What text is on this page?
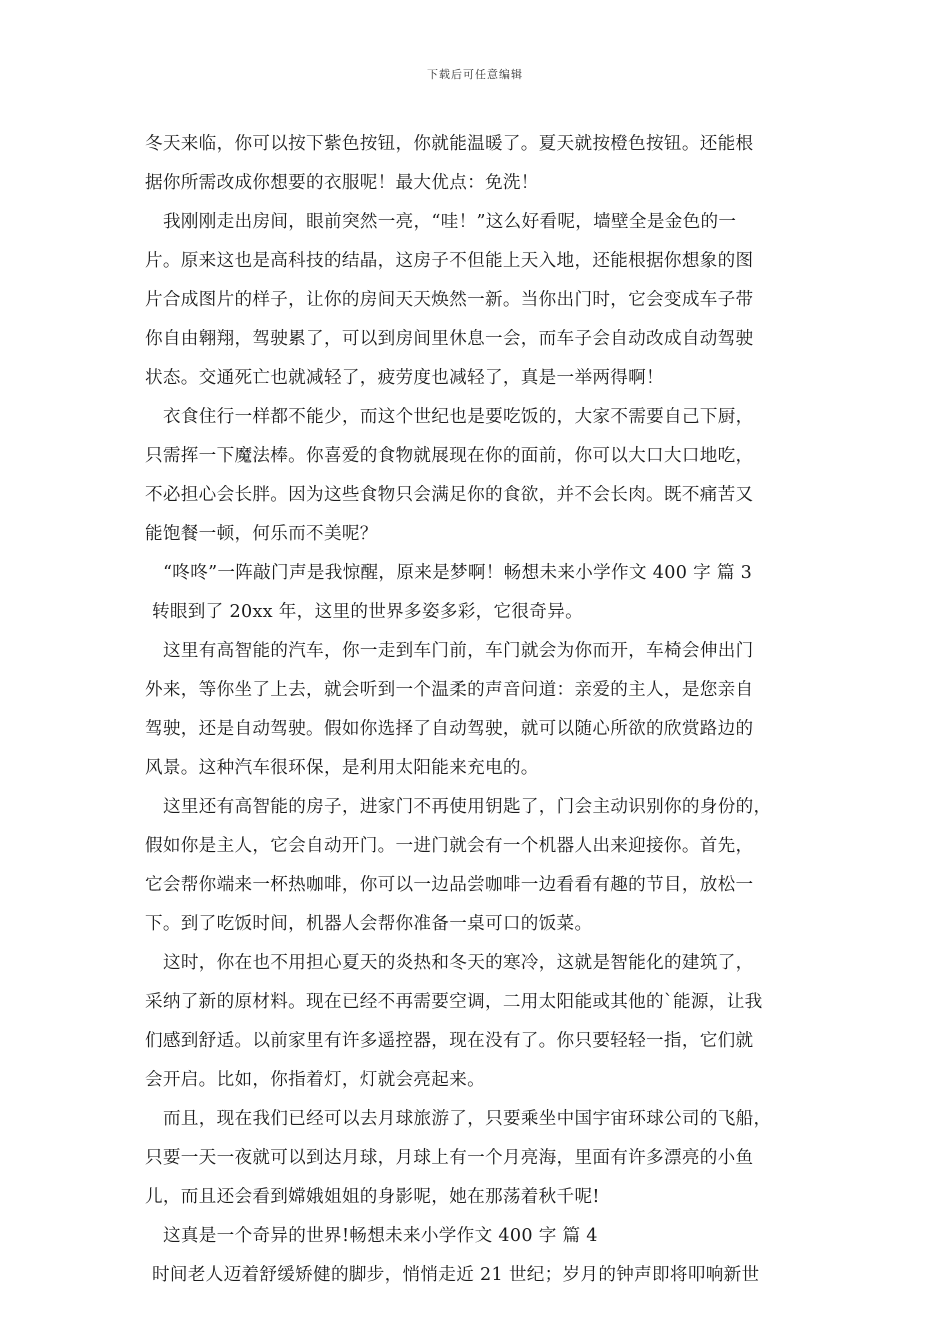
下载后可任意编辑
冬天来临，你可以按下紫色按钮，你就能温暖了。夏天就按橙色按钮。还能根
据你所需改成你想要的衣服呢！最大优点：免洗！
我刚刚走出房间，眼前突然一亮，“哇！”这么好看呢，墙壁全是金色的一
片。原来这也是高科技的结晶，这房子不但能上天入地，还能根据你想象的图
片合成图片的样子，让你的房间天天焕然一新。当你出门时，它会变成车子带
你自由翱翔，驾驶累了，可以到房间里休息一会，而车子会自动改成自动驾驶
状态。交通死亡也就减轻了，疲劳度也减轻了，真是一举两得啊！
衣食住行一样都不能少，而这个世纪也是要吃饭的，大家不需要自己下厨，
只需挥一下魔法棒。你喜爱的食物就展现在你的面前，你可以大口大口地吃，
不必担心会长胖。因为这些食物只会满足你的食欲，并不会长肉。既不痛苦又
能饱餐一顿，何乐而不美呢？
“咚咚”一阵敲门声是我惊醒，原来是梦啊！畅想未来小学作文 400 字 篇 3
转眼到了 20xx 年，这里的世界多姿多彩，它很奇异。
这里有高智能的汽车，你一走到车门前，车门就会为你而开，车椅会伸出门
外来，等你坐了上去，就会听到一个温柔的声音问道：亲爱的主人，是您亲自
驾驶，还是自动驾驶。假如你选择了自动驾驶，就可以随心所欲的欣赏路边的
风景。这种汽车很环保，是利用太阳能来充电的。
这里还有高智能的房子，进家门不再使用钥匙了，门会主动识别你的身份的，
假如你是主人，它会自动开门。一进门就会有一个机器人出来迎接你。首先，
它会帮你端来一杯热咖啡，你可以一边品尝咖啡一边看看有趣的节目，放松一
下。到了吃饭时间，机器人会帮你准备一桌可口的饭菜。
这时，你在也不用担心夏天的炎热和冬天的寒冷，这就是智能化的建筑了，
采纳了新的原材料。现在已经不再需要空调，二用太阳能或其他的`能源，让我
们感到舒适。以前家里有许多遥控器，现在没有了。你只要轻轻一指，它们就
会开启。比如，你指着灯，灯就会亮起来。
而且，现在我们已经可以去月球旅游了，只要乘坐中国宇宙环球公司的飞船，
只要一天一夜就可以到达月球，月球上有一个月亮海，里面有许多漂亮的小鱼
儿，而且还会看到嫦娥姐姐的身影呢，她在那荡着秋千呢!
这真是一个奇异的世界!畅想未来小学作文 400 字 篇 4
时间老人迈着舒缓矫健的脚步，悄悄走近 21 世纪；岁月的钟声即将叩响新世
